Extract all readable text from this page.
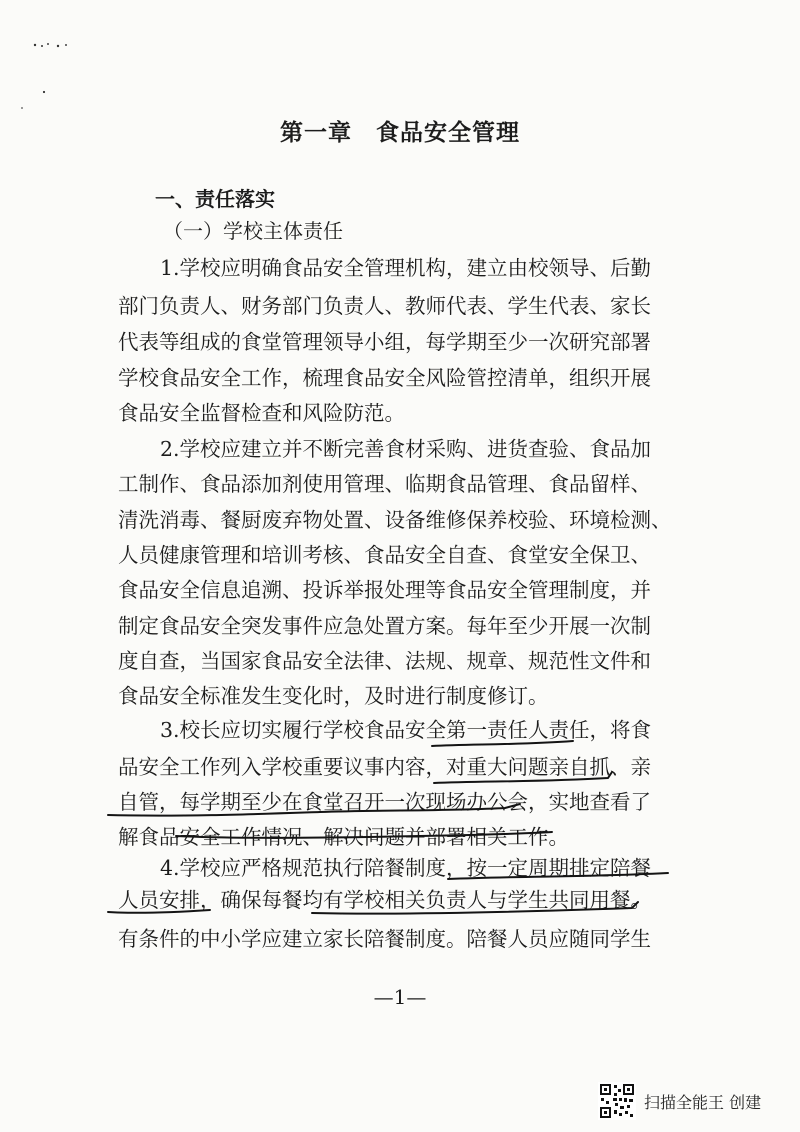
第一章　食品安全管理
一、责任落实
（一）学校主体责任
1.学校应明确食品安全管理机构，建立由校领导、后勤
部门负责人、财务部门负责人、教师代表、学生代表、家长
代表等组成的食堂管理领导小组，每学期至少一次研究部署
学校食品安全工作，梳理食品安全风险管控清单，组织开展
食品安全监督检查和风险防范。
2.学校应建立并不断完善食材采购、进货查验、食品加
工制作、食品添加剂使用管理、临期食品管理、食品留样、
清洗消毒、餐厨废弃物处置、设备维修保养校验、环境检测、
人员健康管理和培训考核、食品安全自查、食堂安全保卫、
食品安全信息追溯、投诉举报处理等食品安全管理制度，并
制定食品安全突发事件应急处置方案。每年至少开展一次制
度自查，当国家食品安全法律、法规、规章、规范性文件和
食品安全标准发生变化时，及时进行制度修订。
3.校长应切实履行学校食品安全第一责任人责任，将食
品安全工作列入学校重要议事内容，对重大问题亲自抓、亲
自管，每学期至少在食堂召开一次现场办公会，实地查看了
解食品安全工作情况、解决问题并部署相关工作。
4.学校应严格规范执行陪餐制度，按一定周期排定陪餐
人员安排，确保每餐均有学校相关负责人与学生共同用餐。
有条件的中小学应建立家长陪餐制度。陪餐人员应随同学生
—1—
扫描全能王 创建
